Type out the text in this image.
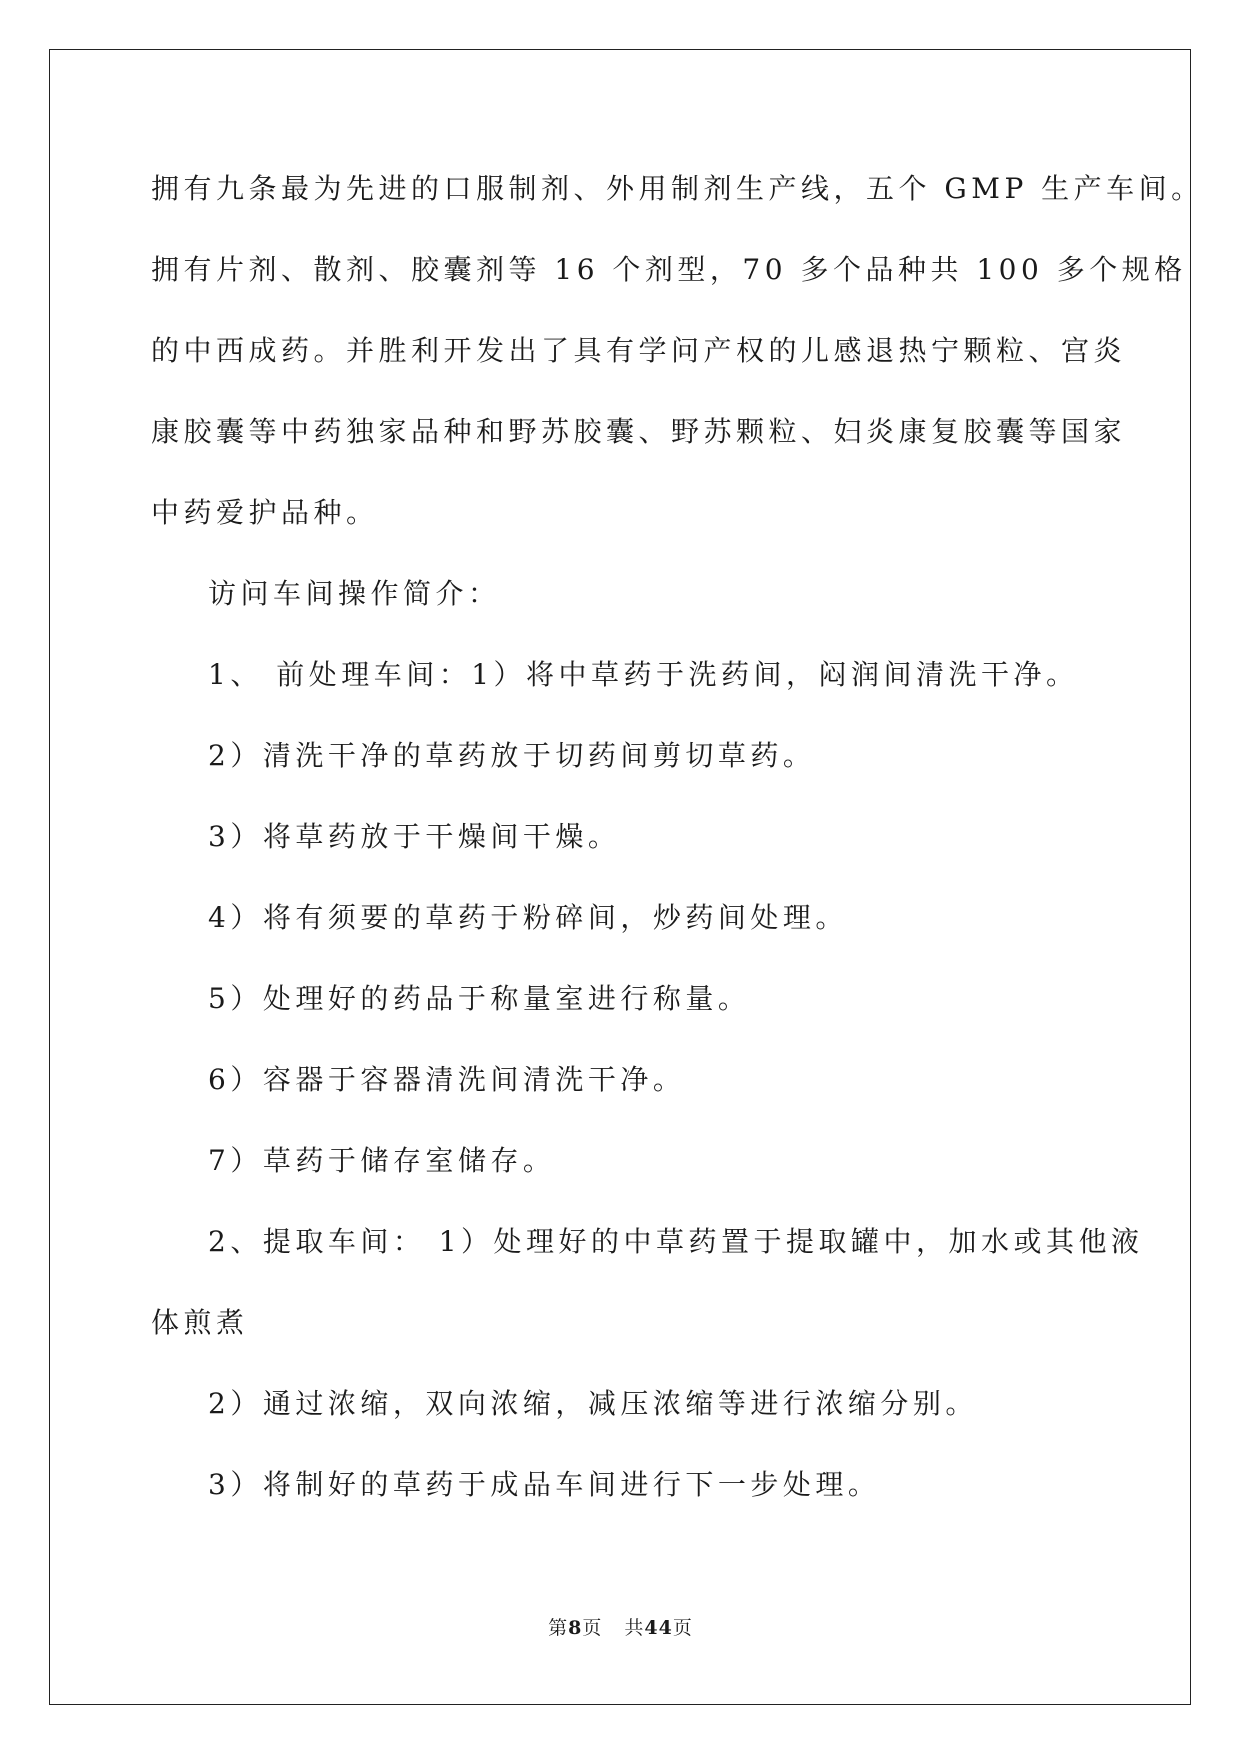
拥有九条最为先进的口服制剂、外用制剂生产线，五个 GMP 生产车间。
拥有片剂、散剂、胶囊剂等 16 个剂型，70 多个品种共 100 多个规格
的中西成药。并胜利开发出了具有学问产权的儿感退热宁颗粒、宫炎
康胶囊等中药独家品种和野苏胶囊、野苏颗粒、妇炎康复胶囊等国家
中药爱护品种。
访问车间操作简介：
1、 前处理车间：1）将中草药于洗药间，闷润间清洗干净。
2）清洗干净的草药放于切药间剪切草药。
3）将草药放于干燥间干燥。
4）将有须要的草药于粉碎间，炒药间处理。
5）处理好的药品于称量室进行称量。
6）容器于容器清洗间清洗干净。
7）草药于储存室储存。
2、提取车间： 1）处理好的中草药置于提取罐中，加水或其他液
体煎煮
2）通过浓缩，双向浓缩，减压浓缩等进行浓缩分别。
3）将制好的草药于成品车间进行下一步处理。
第8页 共44页
